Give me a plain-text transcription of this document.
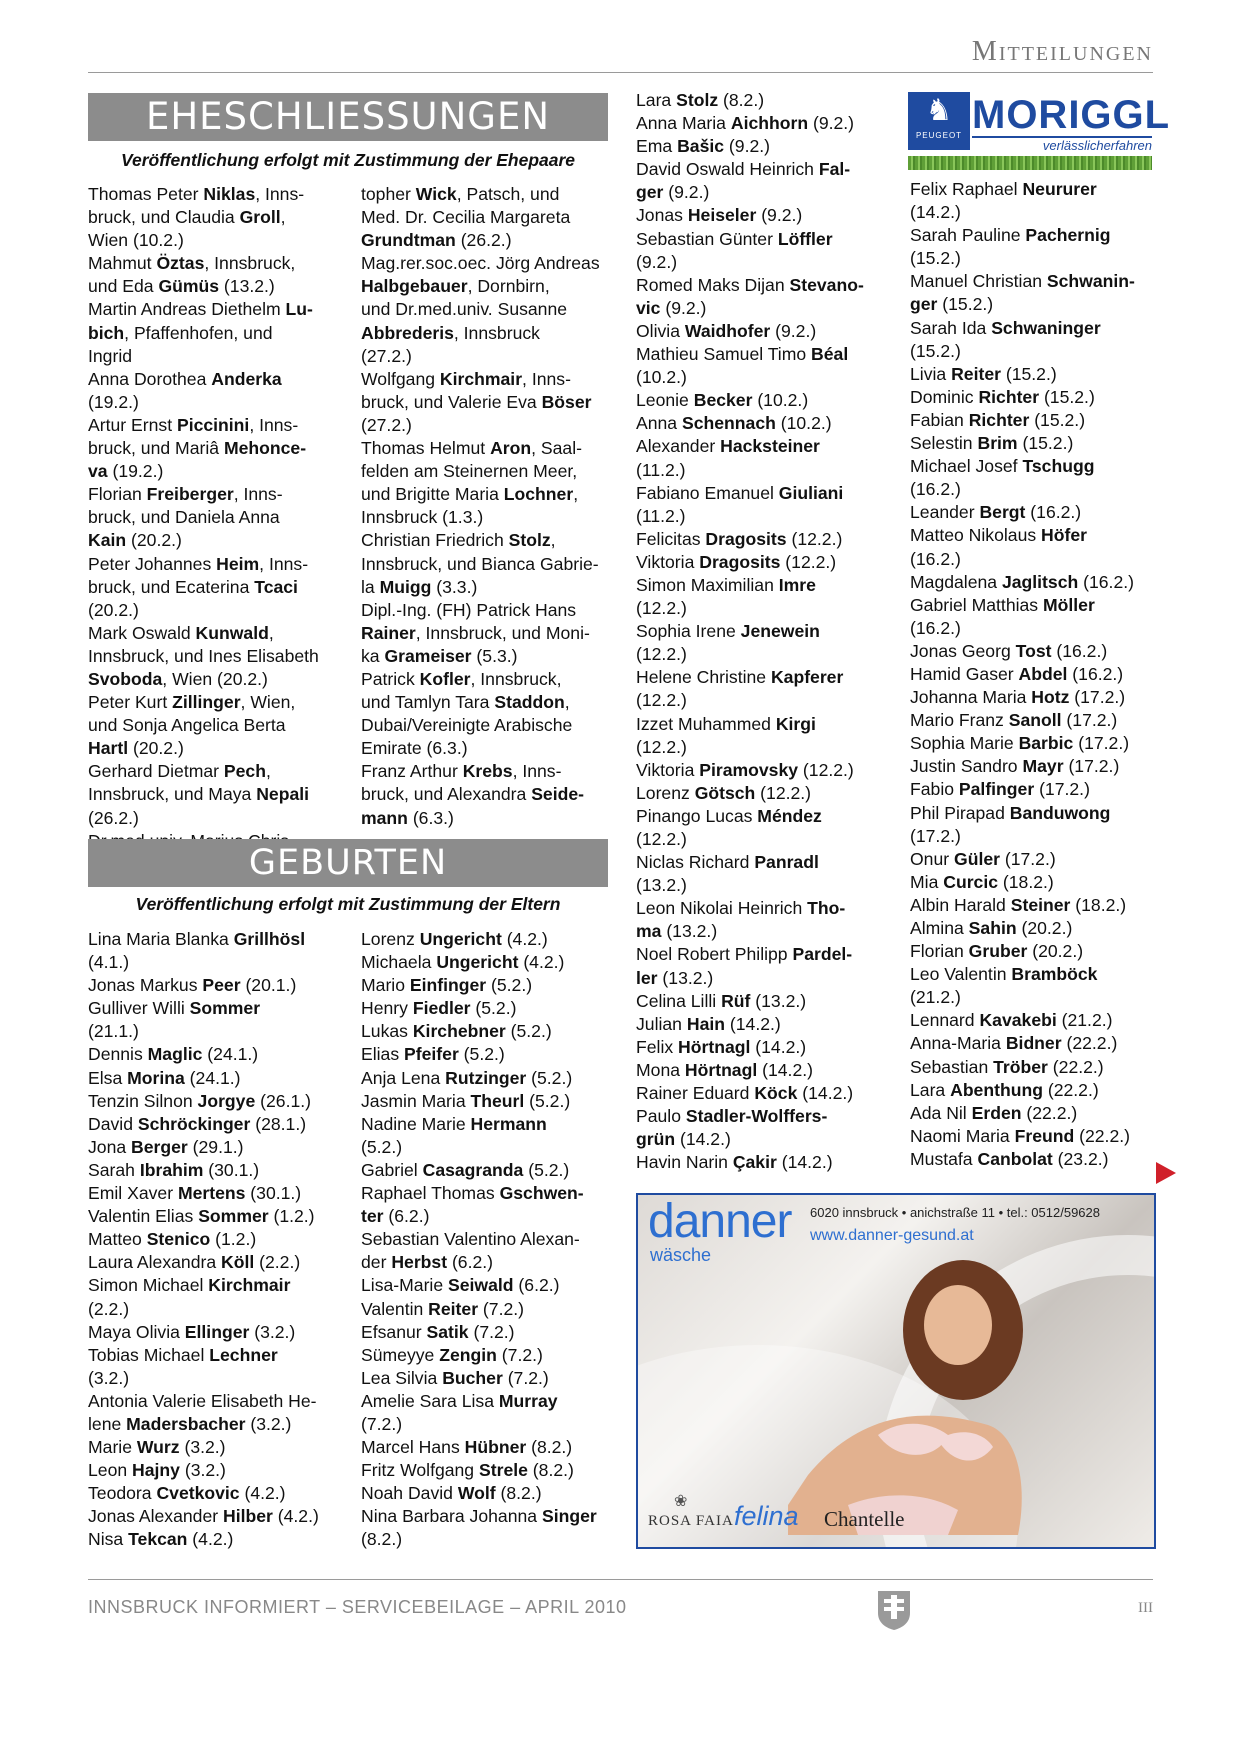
Mitteilungen
EHESCHLIESSUNGEN
Veröffentlichung erfolgt mit Zustimmung der Ehepaare
Thomas Peter Niklas, Inns-
bruck, und Claudia Groll,
Wien (10.2.)
Mahmut Öztas, Innsbruck,
und Eda Gümüs (13.2.)
Martin Andreas Diethelm Lu-
bich, Pfaffenhofen, und Ingrid
Anna Dorothea Anderka
(19.2.)
Artur Ernst Piccinini, Inns-
bruck, und Mariâ Mehonce-
va (19.2.)
Florian Freiberger, Inns-
bruck, und Daniela Anna
Kain (20.2.)
Peter Johannes Heim, Inns-
bruck, und Ecaterina Tcaci
(20.2.)
Mark Oswald Kunwald,
Innsbruck, und Ines Elisabeth
Svoboda, Wien (20.2.)
Peter Kurt Zillinger, Wien,
und Sonja Angelica Berta
Hartl (20.2.)
Gerhard Dietmar Pech,
Innsbruck, und Maya Nepali
(26.2.)
topher Wick, Patsch, und
Med. Dr. Cecilia Margareta
Grundtman (26.2.)
Mag.rer.soc.oec. Jörg Andreas
Halbgebauer, Dornbirn,
und Dr.med.univ. Susanne
Abbrederis, Innsbruck
(27.2.)
Wolfgang Kirchmair, Inns-
bruck, und Valerie Eva Böser
(27.2.)
Thomas Helmut Aron, Saal-
felden am Steinernen Meer,
und Brigitte Maria Lochner,
Innsbruck (1.3.)
Christian Friedrich Stolz,
Innsbruck, und Bianca Gabrie-
la Muigg (3.3.)
Dipl.-Ing. (FH) Patrick Hans
Rainer, Innsbruck, und Moni-
ka Grameiser (5.3.)
Patrick Kofler, Innsbruck,
und Tamlyn Tara Staddon,
Dubai/Vereinigte Arabische
Emirate (6.3.)
Franz Arthur Krebs, Inns-
bruck, und Alexandra Seide-
mann (6.3.)
GEBURTEN
Veröffentlichung erfolgt mit Zustimmung der Eltern
Lina Maria Blanka Grillhösl
(4.1.)
Jonas Markus Peer (20.1.)
Gulliver Willi Sommer
(21.1.)
Dennis Maglic (24.1.)
Elsa Morina (24.1.)
Tenzin Silnon Jorgye (26.1.)
David Schröckinger (28.1.)
Jona Berger (29.1.)
Sarah Ibrahim (30.1.)
Emil Xaver Mertens (30.1.)
Valentin Elias Sommer (1.2.)
Matteo Stenico (1.2.)
Laura Alexandra Köll (2.2.)
Simon Michael Kirchmair
(2.2.)
Maya Olivia Ellinger (3.2.)
Tobias Michael Lechner
(3.2.)
Antonia Valerie Elisabeth He-
lene Madersbacher (3.2.)
Marie Wurz (3.2.)
Leon Hajny (3.2.)
Teodora Cvetkovic (4.2.)
Jonas Alexander Hilber (4.2.)
Nisa Tekcan (4.2.)
Lorenz Ungericht (4.2.)
Michaela Ungericht (4.2.)
Mario Einfinger (5.2.)
Henry Fiedler (5.2.)
Lukas Kirchebner (5.2.)
Elias Pfeifer (5.2.)
Anja Lena Rutzinger (5.2.)
Jasmin Maria Theurl (5.2.)
Nadine Marie Hermann
(5.2.)
Gabriel Casagranda (5.2.)
Raphael Thomas Gschwen-
ter (6.2.)
Sebastian Valentino Alexan-
der Herbst (6.2.)
Lisa-Marie Seiwald (6.2.)
Valentin Reiter (7.2.)
Efsanur Satik (7.2.)
Sümeyye Zengin (7.2.)
Lea Silvia Bucher (7.2.)
Amelie Sara Lisa Murray
(7.2.)
Marcel Hans Hübner (8.2.)
Fritz Wolfgang Strele (8.2.)
Noah David Wolf (8.2.)
Nina Barbara Johanna Singer
(8.2.)
Lara Stolz (8.2.)
Anna Maria Aichhorn (9.2.)
Ema Bašic (9.2.)
David Oswald Heinrich Fal-
ger (9.2.)
Jonas Heiseler (9.2.)
Sebastian Günter Löffler
(9.2.)
Romed Maks Dijan Stevano-
vic (9.2.)
Olivia Waidhofer (9.2.)
Mathieu Samuel Timo Béal
(10.2.)
Leonie Becker (10.2.)
Anna Schennach (10.2.)
Alexander Hacksteiner
(11.2.)
Fabiano Emanuel Giuliani
(11.2.)
Felicitas Dragosits (12.2.)
Viktoria Dragosits (12.2.)
Simon Maximilian Imre
(12.2.)
Sophia Irene Jenewein
(12.2.)
Helene Christine Kapferer
(12.2.)
Izzet Muhammed Kirgi
(12.2.)
Viktoria Piramovsky (12.2.)
Lorenz Götsch (12.2.)
Pinango Lucas Méndez
(12.2.)
Niclas Richard Panradl
(13.2.)
Leon Nikolai Heinrich Tho-
ma (13.2.)
Noel Robert Philipp Pardel-
ler (13.2.)
Celina Lilli Rüf (13.2.)
Julian Hain (14.2.)
Felix Hörtnagl (14.2.)
Mona Hörtnagl (14.2.)
Rainer Eduard Köck (14.2.)
Paulo Stadler-Wolffers-
grün (14.2.)
Havin Narin Çakir (14.2.)
Felix Raphael Neururer
(14.2.)
Sarah Pauline Pachernig
(15.2.)
Manuel Christian Schwanin-
ger (15.2.)
Sarah Ida Schwaninger
(15.2.)
Livia Reiter (15.2.)
Dominic Richter (15.2.)
Fabian Richter (15.2.)
Selestin Brim (15.2.)
Michael Josef Tschugg
(16.2.)
Leander Bergt (16.2.)
Matteo Nikolaus Höfer
(16.2.)
Magdalena Jaglitsch (16.2.)
Gabriel Matthias Möller
(16.2.)
Jonas Georg Tost (16.2.)
Hamid Gaser Abdel (16.2.)
Johanna Maria Hotz (17.2.)
Mario Franz Sanoll (17.2.)
Sophia Marie Barbic (17.2.)
Justin Sandro Mayr (17.2.)
Fabio Palfinger (17.2.)
Phil Pirapad Banduwong
(17.2.)
Onur Güler (17.2.)
Mia Curcic (18.2.)
Albin Harald Steiner (18.2.)
Almina Sahin (20.2.)
Florian Gruber (20.2.)
Leo Valentin Bramböck
(21.2.)
Lennard Kavakebi (21.2.)
Anna-Maria Bidner (22.2.)
Sebastian Tröber (22.2.)
Lara Abenthung (22.2.)
Ada Nil Erden (22.2.)
Naomi Maria Freund (22.2.)
Mustafa Canbolat (23.2.)
♞
PEUGEOT MORIGGL
verlässlicherfahren
danner
wäsche
6020 innsbruck • anichstraße 11 • tel.: 0512/59628
www.danner-gesund.at
❀
ROSA FAIA felina Chantelle
INNSBRUCK INFORMIERT – SERVICEBEILAGE – APRIL 2010	III
